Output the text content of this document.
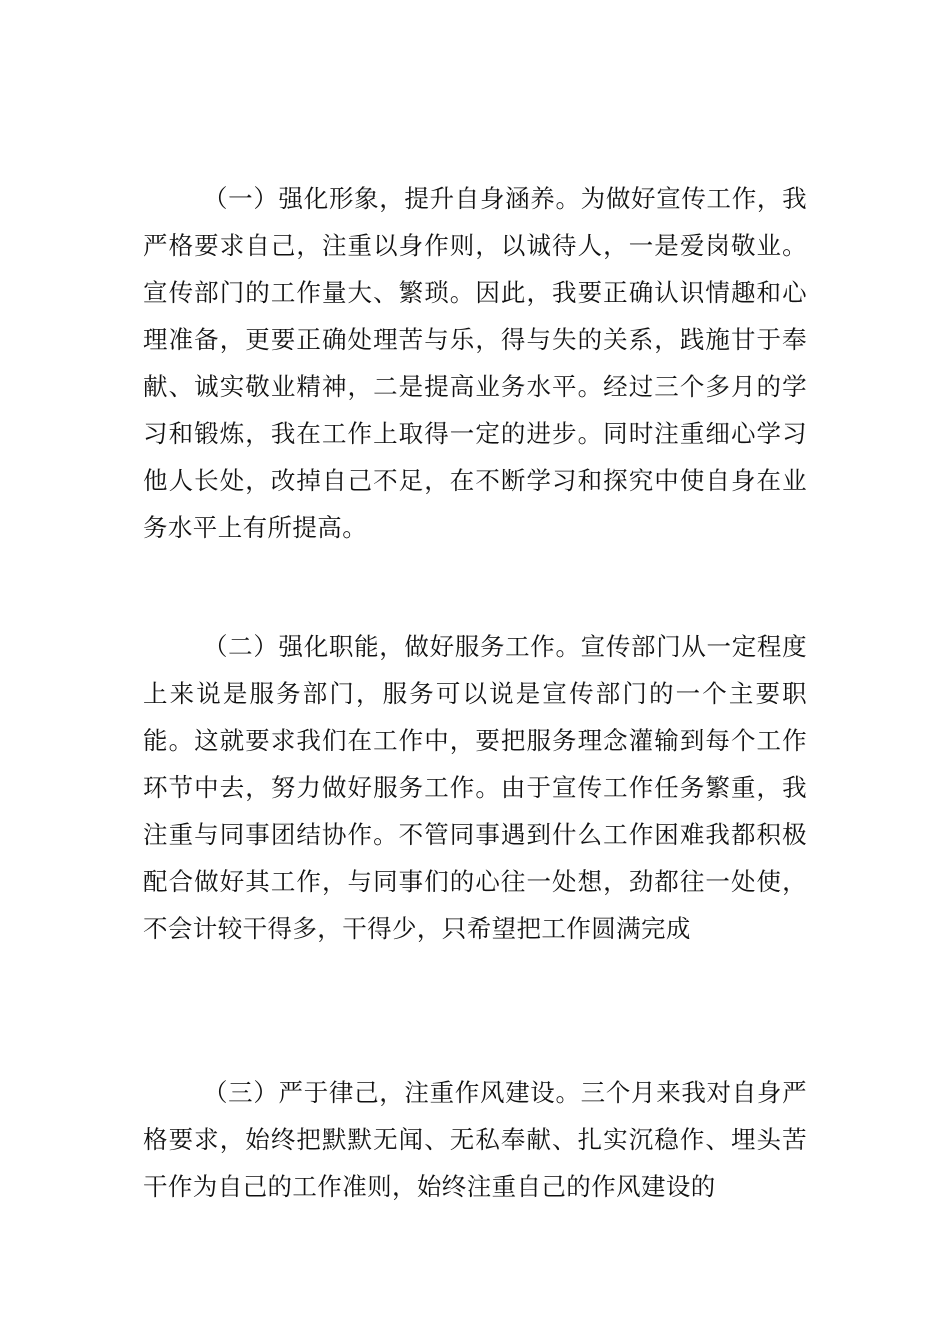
（一）强化形象，提升自身涵养。为做好宣传工作，我严格要求自己，注重以身作则，以诚待人，一是爱岗敬业。宣传部门的工作量大、繁琐。因此，我要正确认识情趣和心理准备，更要正确处理苦与乐，得与失的关系，践施甘于奉献、诚实敬业精神，二是提高业务水平。经过三个多月的学习和锻炼，我在工作上取得一定的进步。同时注重细心学习他人长处，改掉自己不足，在不断学习和探究中使自身在业务水平上有所提高。

（二）强化职能，做好服务工作。宣传部门从一定程度上来说是服务部门，服务可以说是宣传部门的一个主要职能。这就要求我们在工作中，要把服务理念灌输到每个工作环节中去，努力做好服务工作。由于宣传工作任务繁重，我注重与同事团结协作。不管同事遇到什么工作困难我都积极配合做好其工作，与同事们的心往一处想，劲都往一处使，不会计较干得多，干得少，只希望把工作圆满完成

（三）严于律己，注重作风建设。三个月来我对自身严格要求，始终把默默无闻、无私奉献、扎实沉稳作、埋头苦干作为自己的工作准则，始终注重自己的作风建设的
